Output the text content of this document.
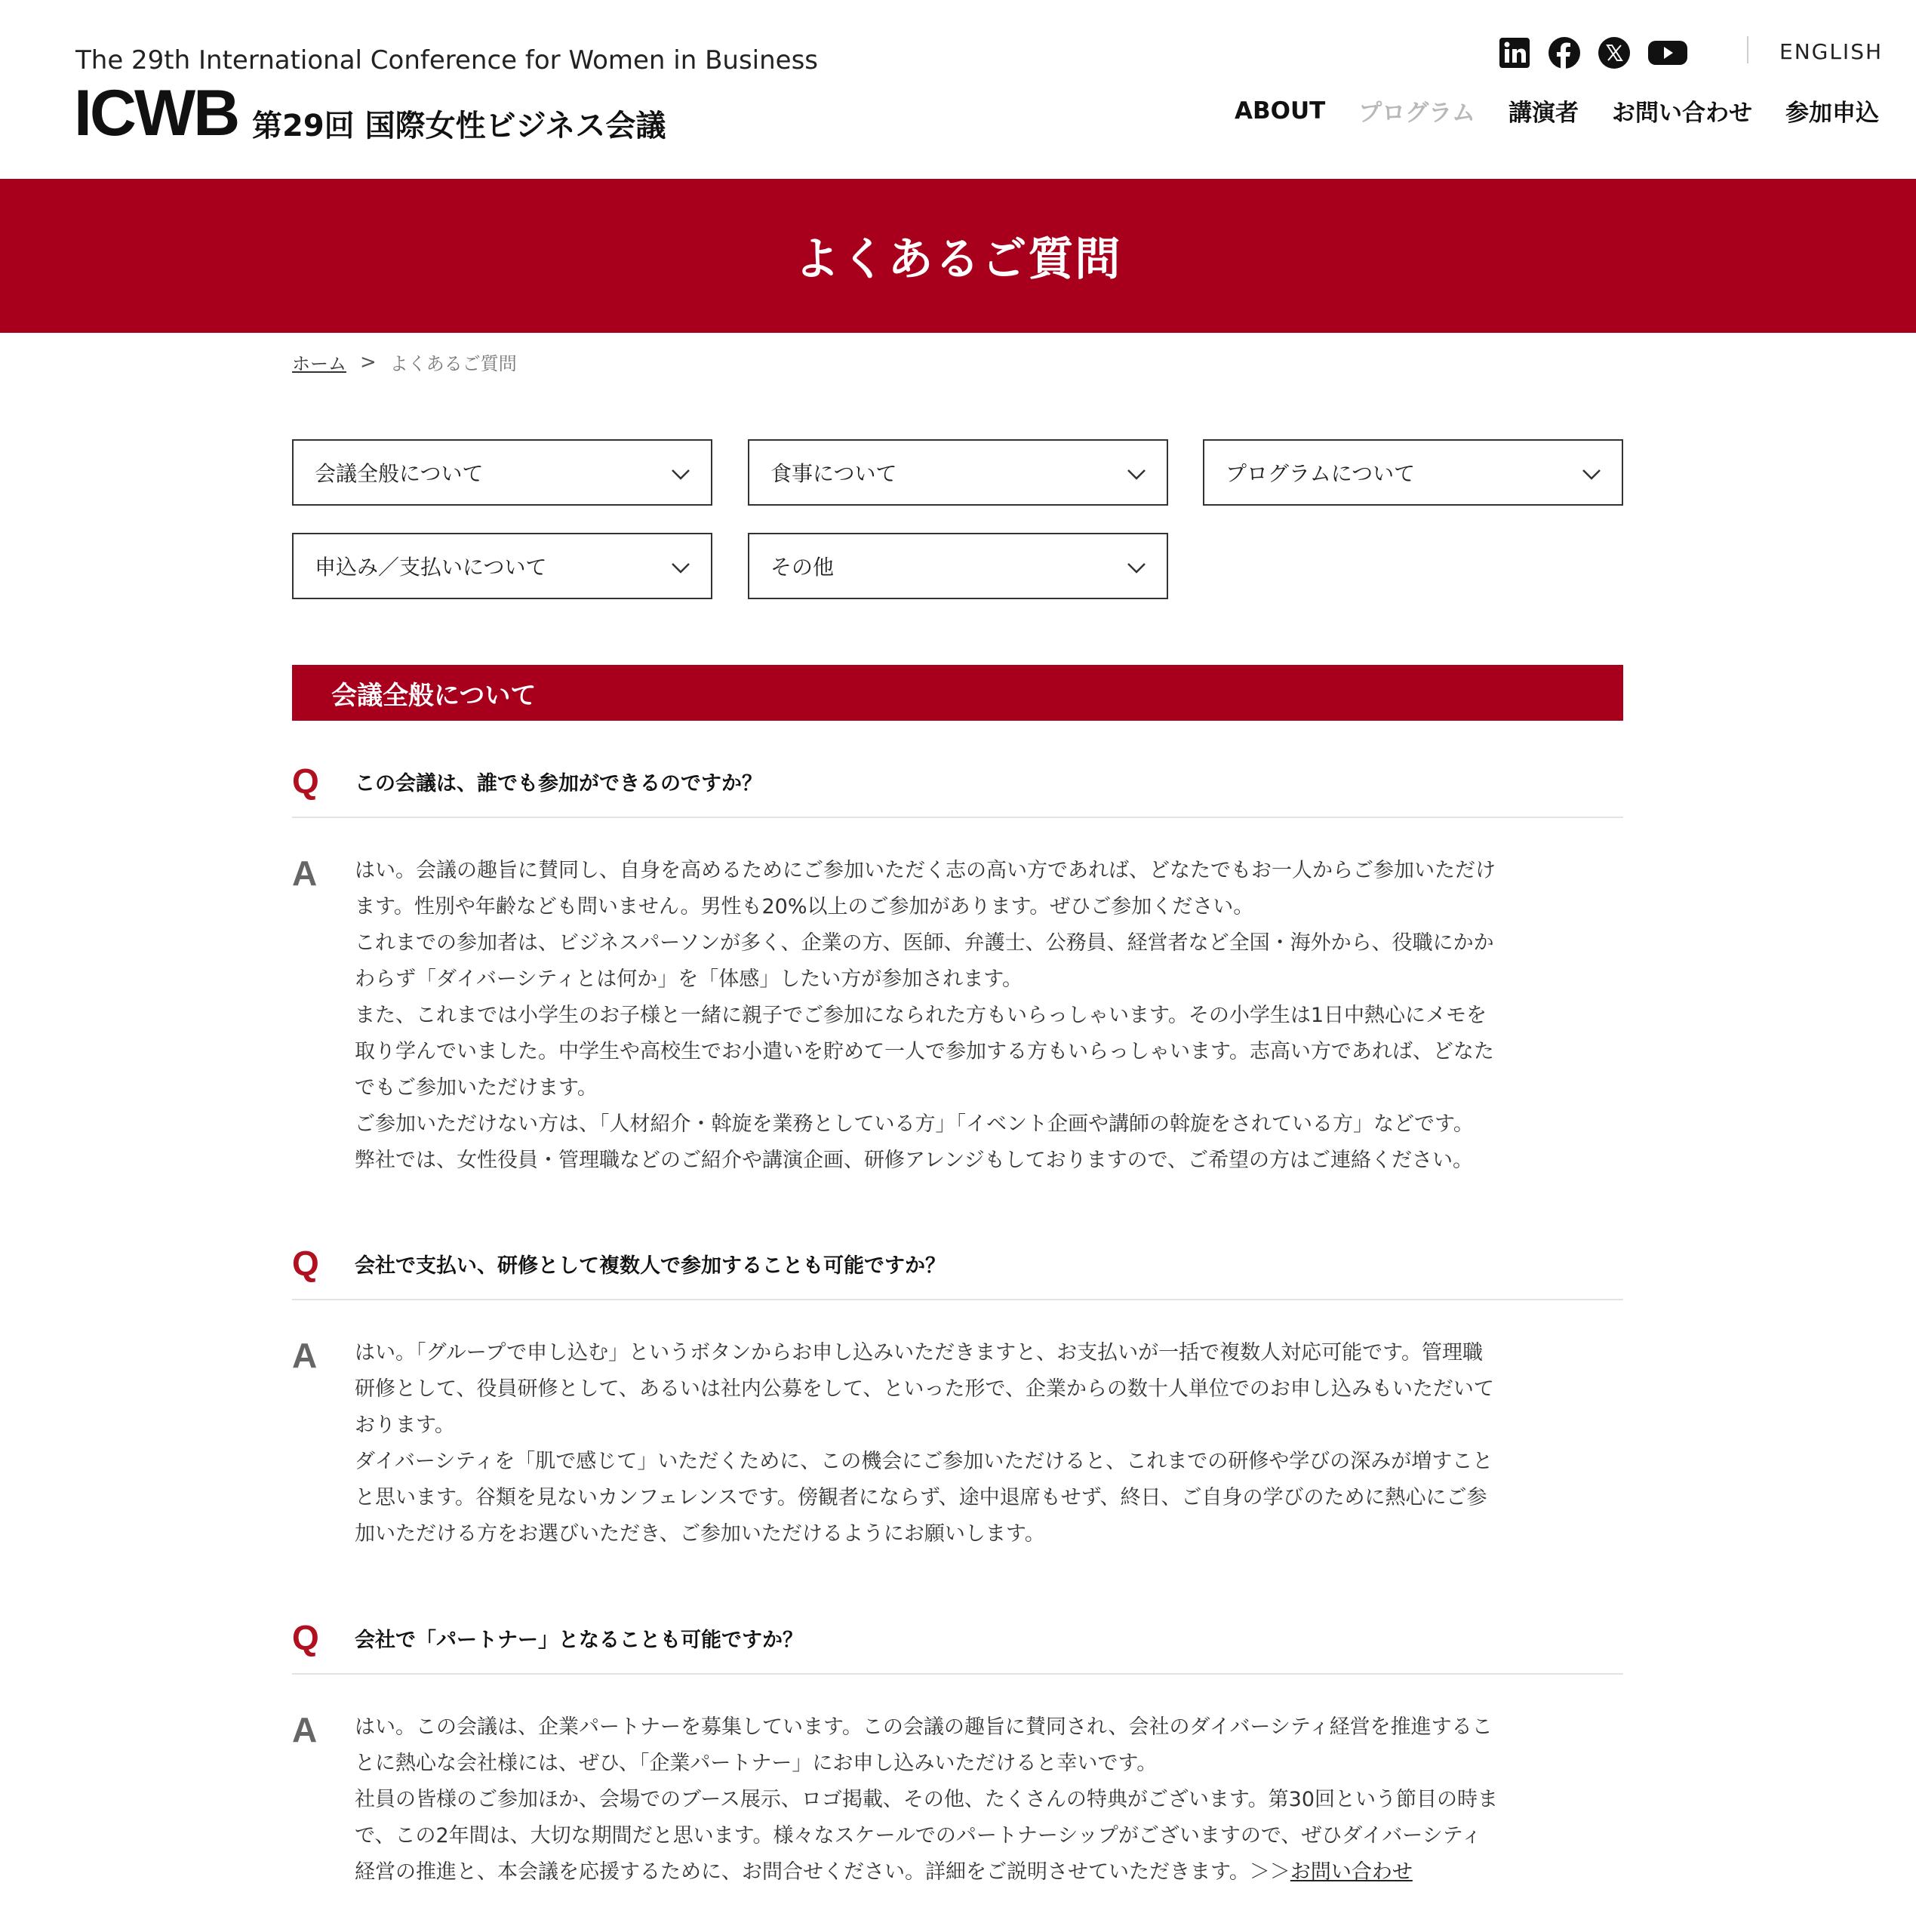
The 29th International Conference for Women in Business
ICWB 第29回 国際女性ビジネス会議
ENGLISH
ABOUT プログラム 講演者 お問い合わせ 参加申込
よくあるご質問
ホーム > よくあるご質問
会議全般について	食事について	プログラムについて
申込み／支払いについて	その他
会議全般について
Q この会議は、誰でも参加ができるのですか？
A はい。会議の趣旨に賛同し、自身を高めるためにご参加いただく志の高い方であれば、どなたでもお一人からご参加いただけ
ます。性別や年齢なども問いません。男性も20%以上のご参加があります。ぜひご参加ください。
これまでの参加者は、ビジネスパーソンが多く、企業の方、医師、弁護士、公務員、経営者など全国・海外から、役職にかか
わらず「ダイバーシティとは何か」を「体感」したい方が参加されます。
また、これまでは小学生のお子様と一緒に親子でご参加になられた方もいらっしゃいます。その小学生は1日中熱心にメモを
取り学んでいました。中学生や高校生でお小遣いを貯めて一人で参加する方もいらっしゃいます。志高い方であれば、どなた
でもご参加いただけます。
ご参加いただけない方は、「人材紹介・斡旋を業務としている方」「イベント企画や講師の斡旋をされている方」などです。
弊社では、女性役員・管理職などのご紹介や講演企画、研修アレンジもしておりますので、ご希望の方はご連絡ください。
Q 会社で支払い、研修として複数人で参加することも可能ですか？
A はい。「グループで申し込む」というボタンからお申し込みいただきますと、お支払いが一括で複数人対応可能です。管理職
研修として、役員研修として、あるいは社内公募をして、といった形で、企業からの数十人単位でのお申し込みもいただいて
おります。
ダイバーシティを「肌で感じて」いただくために、この機会にご参加いただけると、これまでの研修や学びの深みが増すこと
と思います。谷類を見ないカンフェレンスです。傍観者にならず、途中退席もせず、終日、ご自身の学びのために熱心にご参
加いただける方をお選びいただき、ご参加いただけるようにお願いします。
Q 会社で「パートナー」となることも可能ですか？
A はい。この会議は、企業パートナーを募集しています。この会議の趣旨に賛同され、会社のダイバーシティ経営を推進するこ
とに熱心な会社様には、ぜひ、「企業パートナー」にお申し込みいただけると幸いです。
社員の皆様のご参加ほか、会場でのブース展示、ロゴ掲載、その他、たくさんの特典がございます。第30回という節目の時ま
で、この2年間は、大切な期間だと思います。様々なスケールでのパートナーシップがございますので、ぜひダイバーシティ
経営の推進と、本会議を応援するために、お問合せください。詳細をご説明させていただきます。＞＞お問い合わせ
